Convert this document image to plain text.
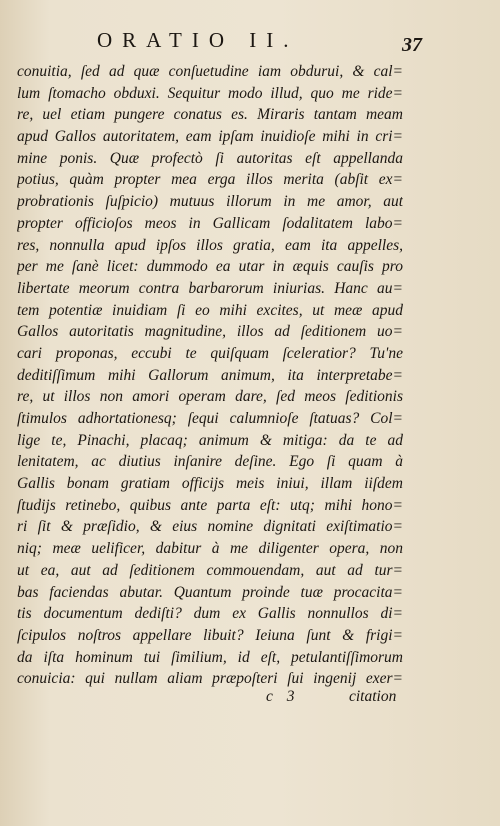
ORATIO II.	37
conuitia, ſed ad quæ conſuetudine iam obdurui, & cal=
lum ſtomacho obduxi. Sequitur modo illud, quo me ride=
re, uel etiam pungere conatus es. Miraris tantam meam
apud Gallos autoritatem, eam ipſam inuidioſe mihi in cri=
mine ponis. Quæ profectò ſi autoritas eſt appellanda
potius, quàm propter mea erga illos merita (abſit ex=
probrationis ſuſpicio) mutuus illorum in me amor, aut
propter officioſos meos in Gallicam ſodalitatem labo=
res, nonnulla apud ipſos illos gratia, eam ita appelles,
per me ſanè licet: dummodo ea utar in æquis cauſis pro
libertate meorum contra barbarorum iniurias. Hanc au=
tem potentiæ inuidiam ſi eo mihi excites, ut meæ apud
Gallos autoritatis magnitudine, illos ad ſeditionem uo=
cari proponas, eccubi te quiſquam ſceleratior? Tu'ne
deditiſſimum mihi Gallorum animum, ita interpretabe=
re, ut illos non amori operam dare, ſed meos ſeditionis
ſtimulos adhortationesq; ſequi calumnioſe ſtatuas? Col=
lige te, Pinachi, placaq; animum & mitiga: da te ad
lenitatem, ac diutius inſanire deſine. Ego ſi quam à
Gallis bonam gratiam officijs meis iniui, illam iiſdem
ſtudijs retinebo, quibus ante parta eſt: utq; mihi hono=
ri ſit & præſidio, & eius nomine dignitati exiſtimatio=
niq; meæ uelificer, dabitur à me diligenter opera, non
ut ea, aut ad ſeditionem commouendam, aut ad tur=
bas faciendas abutar. Quantum proinde tuæ procacita=
tis documentum dediſti? dum ex Gallis nonnullos di=
ſcipulos noſtros appellare libuit? Ieiuna ſunt & frigi=
da iſta hominum tui ſimilium, id eſt, petulantiſſimorum
conuicia: qui nullam aliam præpoſteri ſui ingenij exer=
c 3	citation
